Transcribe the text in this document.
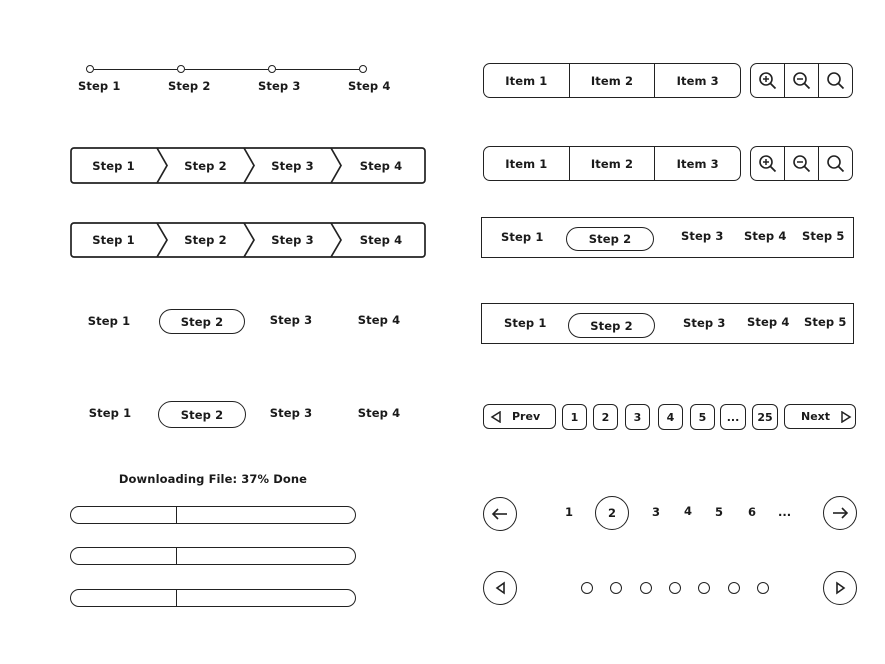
Step 1	Step 2	Step 3	Step 4
Step 1	Step 2	Step 3	Step 4
Step 1	Step 2	Step 3	Step 4
Step 1	Step 2	Step 3	Step 4
Step 1	Step 2	Step 3	Step 4
Downloading File: 37% Done
Item 1	Item 2	Item 3
Item 1	Item 2	Item 3
Step 1	Step 2	Step 3 Step 4 Step 5
Step 1	Step 2	Step 3 Step 4 Step 5
Prev	1	2	3	4	5	...	25	Next
1	2	3 4 5 6 ...
